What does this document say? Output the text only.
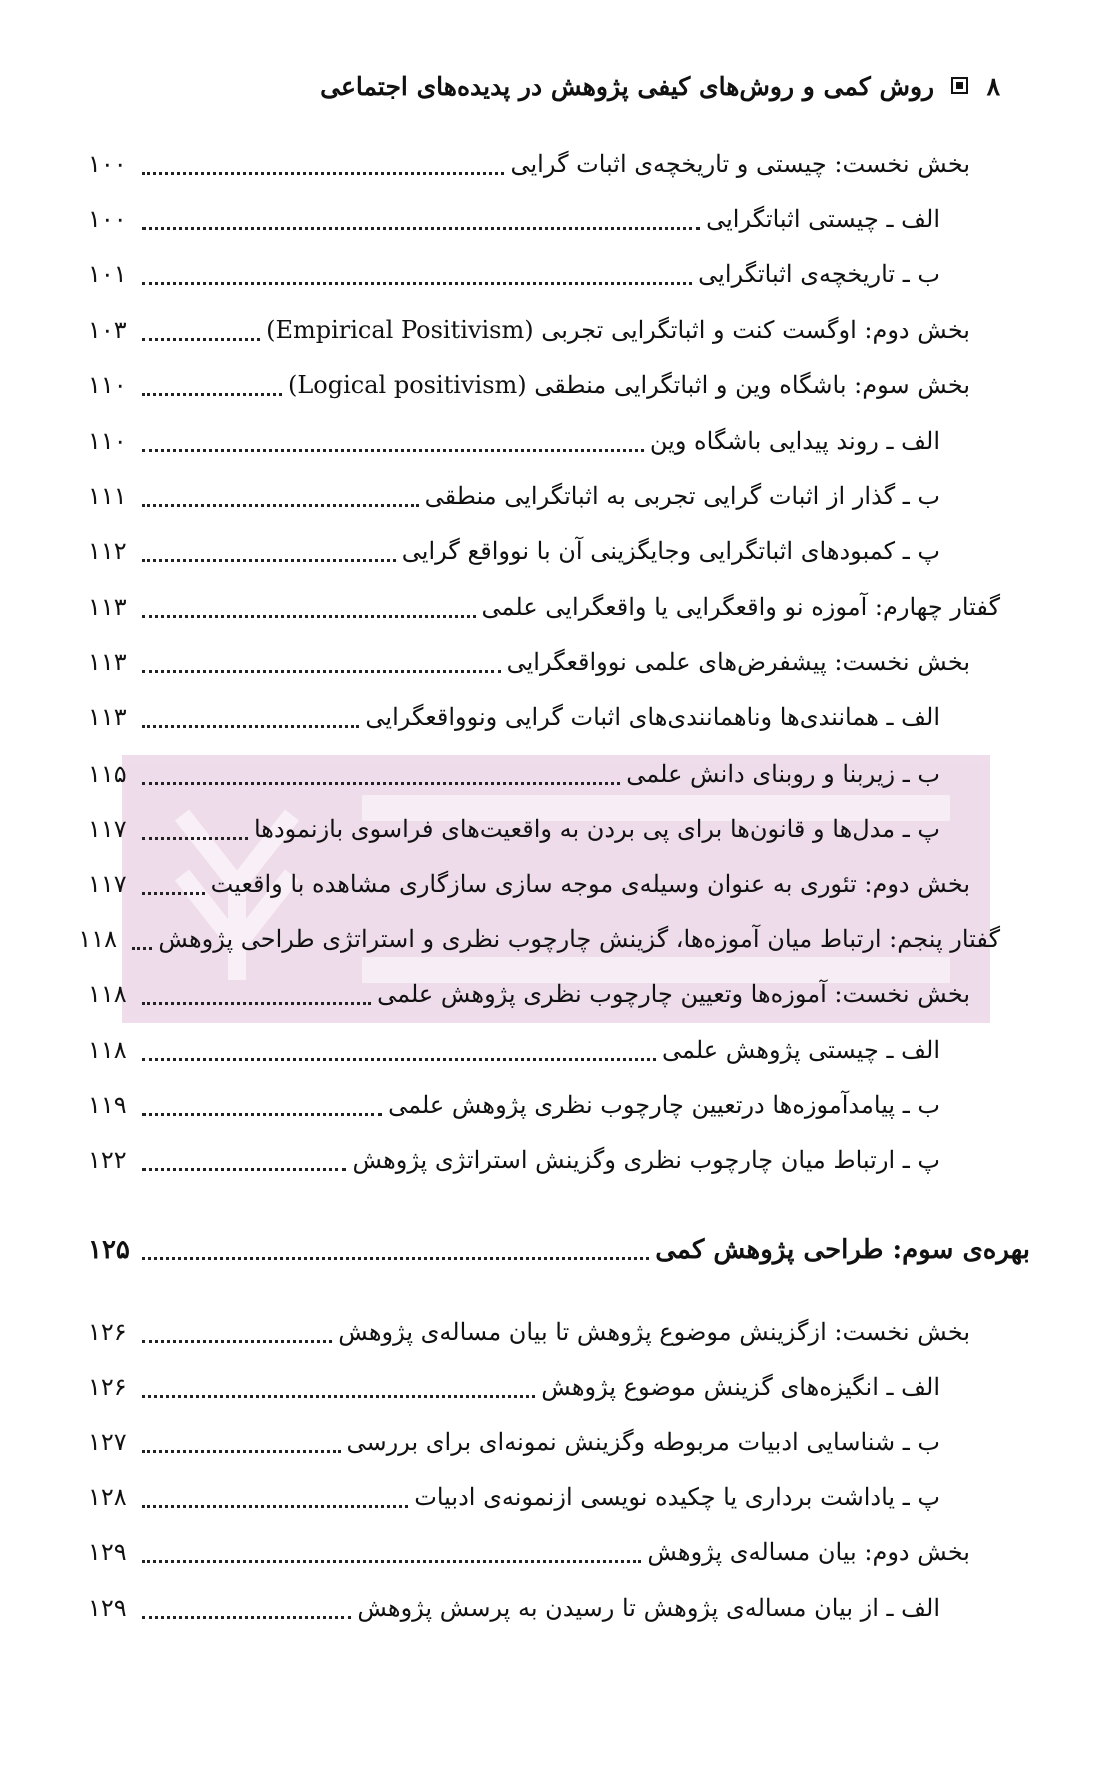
۸  روش کمی و روش‌های کیفی پژوهش در پدیده‌های اجتماعی
بخش نخست: چیستی و تاریخچه‌ی اثبات گرایی
۱۰۰
الف ـ چیستی اثباتگرایی
۱۰۰
ب ـ تاریخچه‌ی اثباتگرایی
۱۰۱
بخش دوم: اوگست کنت و اثباتگرایی تجربی (Empirical Positivism)
۱۰۳
بخش سوم: باشگاه وین و اثباتگرایی منطقی (Logical positivism)
۱۱۰
الف ـ روند پیدایی باشگاه وین
۱۱۰
ب ـ گذار از اثبات گرایی تجربی به اثباتگرایی منطقی
۱۱۱
پ ـ کمبودهای اثباتگرایی وجایگزینی آن با نوواقع گرایی
۱۱۲
گفتار چهارم: آموزه نو واقعگرایی یا واقعگرایی علمی
۱۱۳
بخش نخست: پیشفرض‌های علمی نوواقعگرایی
۱۱۳
الف ـ همانندی‌ها وناهمانندی‌های اثبات گرایی ونوواقعگرایی
۱۱۳
ب ـ زیربنا و روبنای دانش علمی
۱۱۵
پ ـ مدل‌ها و قانون‌ها برای پی بردن به واقعیت‌های فراسوی بازنمودها
۱۱۷
بخش دوم: تئوری به عنوان وسیله‌ی موجه سازی سازگاری مشاهده با واقعیت
۱۱۷
گفتار پنجم: ارتباط میان آموزه‌ها، گزینش چارچوب نظری و استراتژی طراحی پژوهش
۱۱۸
بخش نخست: آموزه‌ها وتعیین چارچوب نظری پژوهش علمی
۱۱۸
الف ـ چیستی پژوهش علمی
۱۱۸
ب ـ پیامدآموزه‌ها درتعیین چارچوب نظری پژوهش علمی
۱۱۹
پ ـ ارتباط میان چارچوب نظری وگزینش استراتژی پژوهش
۱۲۲
بهره‌ی سوم: طراحی پژوهش کمی
۱۲۵
بخش نخست: ازگزینش موضوع پژوهش تا بیان مساله‌ی پژوهش
۱۲۶
الف ـ انگیزه‌های گزینش موضوع پژوهش
۱۲۶
ب ـ شناسایی ادبیات مربوطه وگزینش نمونه‌ای برای بررسی
۱۲۷
پ ـ یاداشت برداری یا چکیده نویسی ازنمونه‌ی ادبیات
۱۲۸
بخش دوم: بیان مساله‌ی پژوهش
۱۲۹
الف ـ از بیان مساله‌ی پژوهش تا رسیدن به پرسش پژوهش
۱۲۹
